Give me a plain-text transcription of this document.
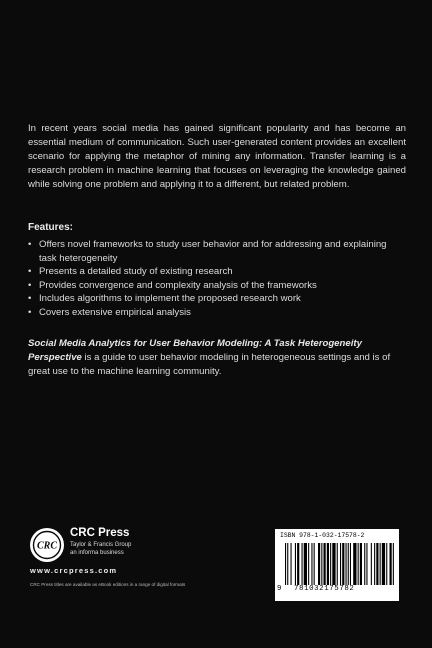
In recent years social media has gained significant popularity and has become an essential medium of communication. Such user-generated content provides an excellent scenario for applying the metaphor of mining any information. Transfer learning is a research problem in machine learning that focuses on leveraging the knowledge gained while solving one problem and applying it to a different, but related problem.
Features:
• Offers novel frameworks to study user behavior and for addressing and explaining task heterogeneity
• Presents a detailed study of existing research
• Provides convergence and complexity analysis of the frameworks
• Includes algorithms to implement the proposed research work
• Covers extensive empirical analysis
Social Media Analytics for User Behavior Modeling: A Task Heterogeneity Perspective is a guide to user behavior modeling in heterogeneous settings and is of great use to the machine learning community.
CRC
CRC Press
Taylor & Francis Group
an informa business
www.crcpress.com
CRC Press titles are available as eBook editions in a range of digital formats
ISBN 978-1-032-17578-2
9 781032175782
